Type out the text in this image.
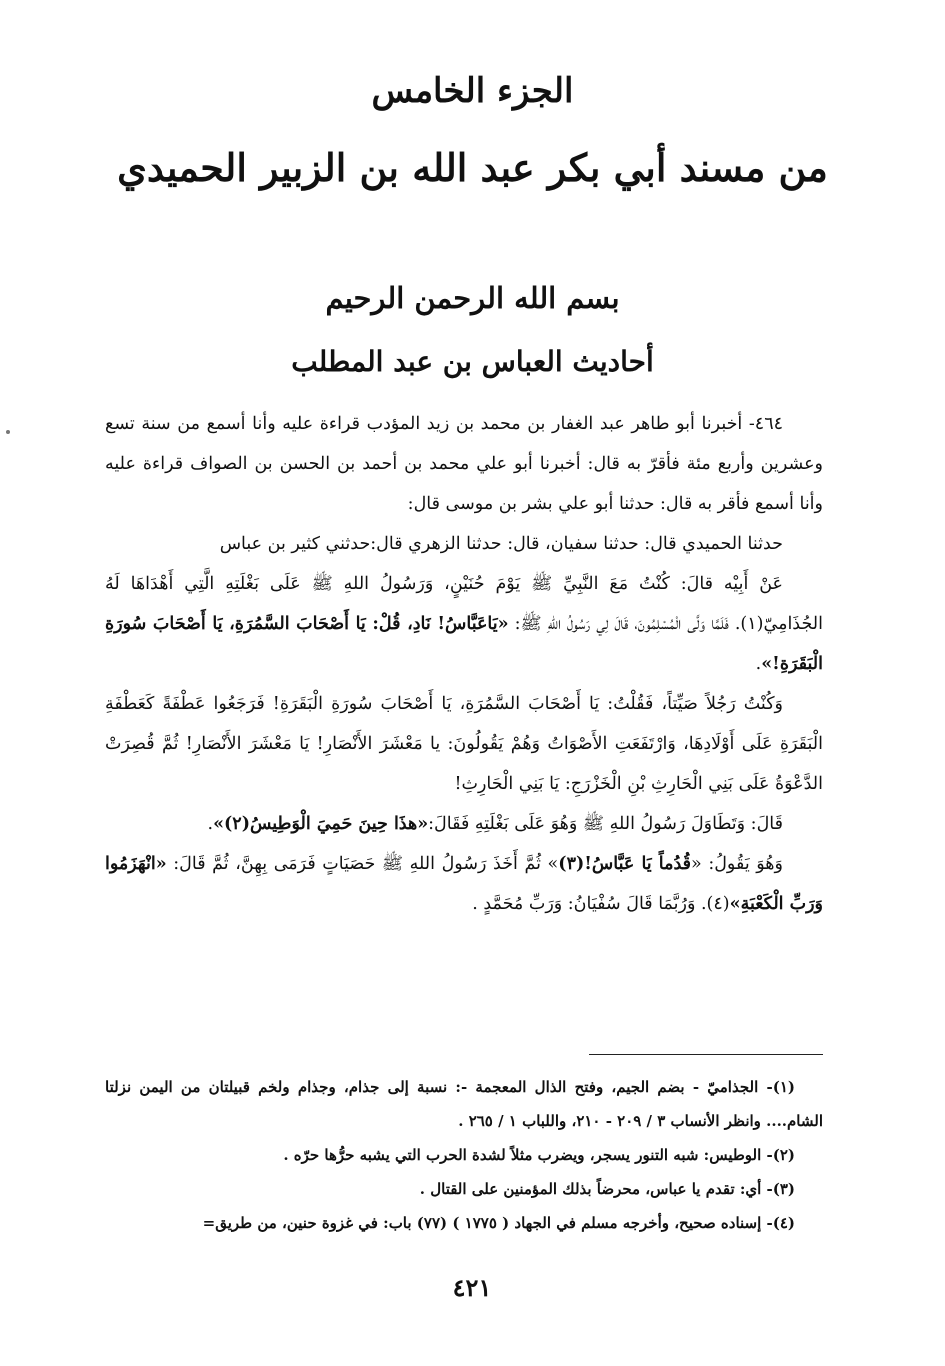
الجزء الخامس
من مسند أبي بكر عبد الله بن الزبير الحميدي
بسم الله الرحمن الرحيم
أحاديث العباس بن عبد المطلب

٤٦٤- أخبرنا أبو طاهر عبد الغفار بن محمد بن زيد المؤدب قراءة عليه وأنا أسمع من سنة تسع وعشرين وأربع مئة فأقرّ به قال: أخبرنا أبو علي محمد بن أحمد بن الحسن بن الصواف قراءة عليه وأنا أسمع فأقر به قال: حدثنا أبو علي بشر بن موسى قال:

حدثنا الحميدي قال: حدثنا سفيان، قال: حدثنا الزهري قال:حدثني كثير بن عباس

عَنْ أَبِيْه قالَ: كُنْتُ مَعَ النَّبِيِّ ﷺ يَوْمَ حُنَيْنٍ، وَرَسُولُ اللهِ ﷺ عَلَى بَغْلَتِهِ الَّتِي أَهْدَاهَا لَهُ الجُذَامِيّ(١). فَلَمَّا وَلَّى الْمُسْلِمُونَ، قَالَ لِي رَسُولُ اللهِ ﷺ: «يَاعَبَّاسُ! نَادِ، قُلْ: يَا أَصْحَابَ السَّمُرَةِ، يَا أَصْحَابَ سُورَةِ الْبَقَرَةِ!».

وَكُنْتُ رَجُلاً صَيِّتاً، فَقُلْتُ: يَا أَصْحَابَ السَّمُرَةِ، يَا أَصْحَابَ سُورَةِ الْبَقَرَةِ! فَرَجَعُوا عَطْفَةً كَعَطْفَةِ الْبَقَرَةِ عَلَى أَوْلَادِهَا، وَارْتَفَعَتِ الأَصْوَاتُ وَهُمْ يَقُولُونَ: يا مَعْشَرَ الأَنْصَارِ! يَا مَعْشَرَ الأَنْصَارِ! ثُمَّ قُصِرَتْ الدَّعْوَةُ عَلَى بَنِي الْحَارِثِ بْنِ الْخَزْرَجِ: يَا بَنِي الْحَارِثِ!

قَالَ: وَتَطَاوَلَ رَسُولُ اللهِ ﷺ وَهُوَ عَلَى بَغْلَتِهِ فَقَالَ:«هذَا حِينَ حَمِيَ الْوَطِيسُ(٢)».

وَهُوَ يَقُولُ: «قُدُماً يَا عَبَّاسُ!(٣)» ثُمَّ أَخَذَ رَسُولُ اللهِ ﷺ حَصَيَاتٍ فَرَمَى بِهِنَّ، ثُمَّ قَالَ: «انْهَزَمُوا وَرَبِّ الْكَعْبَةِ»(٤). وَرُبَّمَا قَالَ سُفْيَانُ: وَرَبِّ مُحَمَّدٍ .

(١)- الجذاميّ - بضم الجيم، وفتح الذال المعجمة -: نسبة إلى جذام، وجذام ولخم قبيلتان من اليمن نزلتا الشام.... وانظر الأنساب ٣ / ٢٠٩ - ٢١٠، واللباب ١ / ٢٦٥ .

(٢)- الوطيس: شبه التنور يسجر، ويضرب مثلاً لشدة الحرب التي يشبه حرُّها حرّه .

(٣)- أي: تقدم يا عباس، محرضاً بذلك المؤمنين على القتال .

(٤)- إسناده صحيح، وأخرجه مسلم في الجهاد ( ١٧٧٥ ) (٧٧) باب: في غزوة حنين، من طريق=

٤٢١
